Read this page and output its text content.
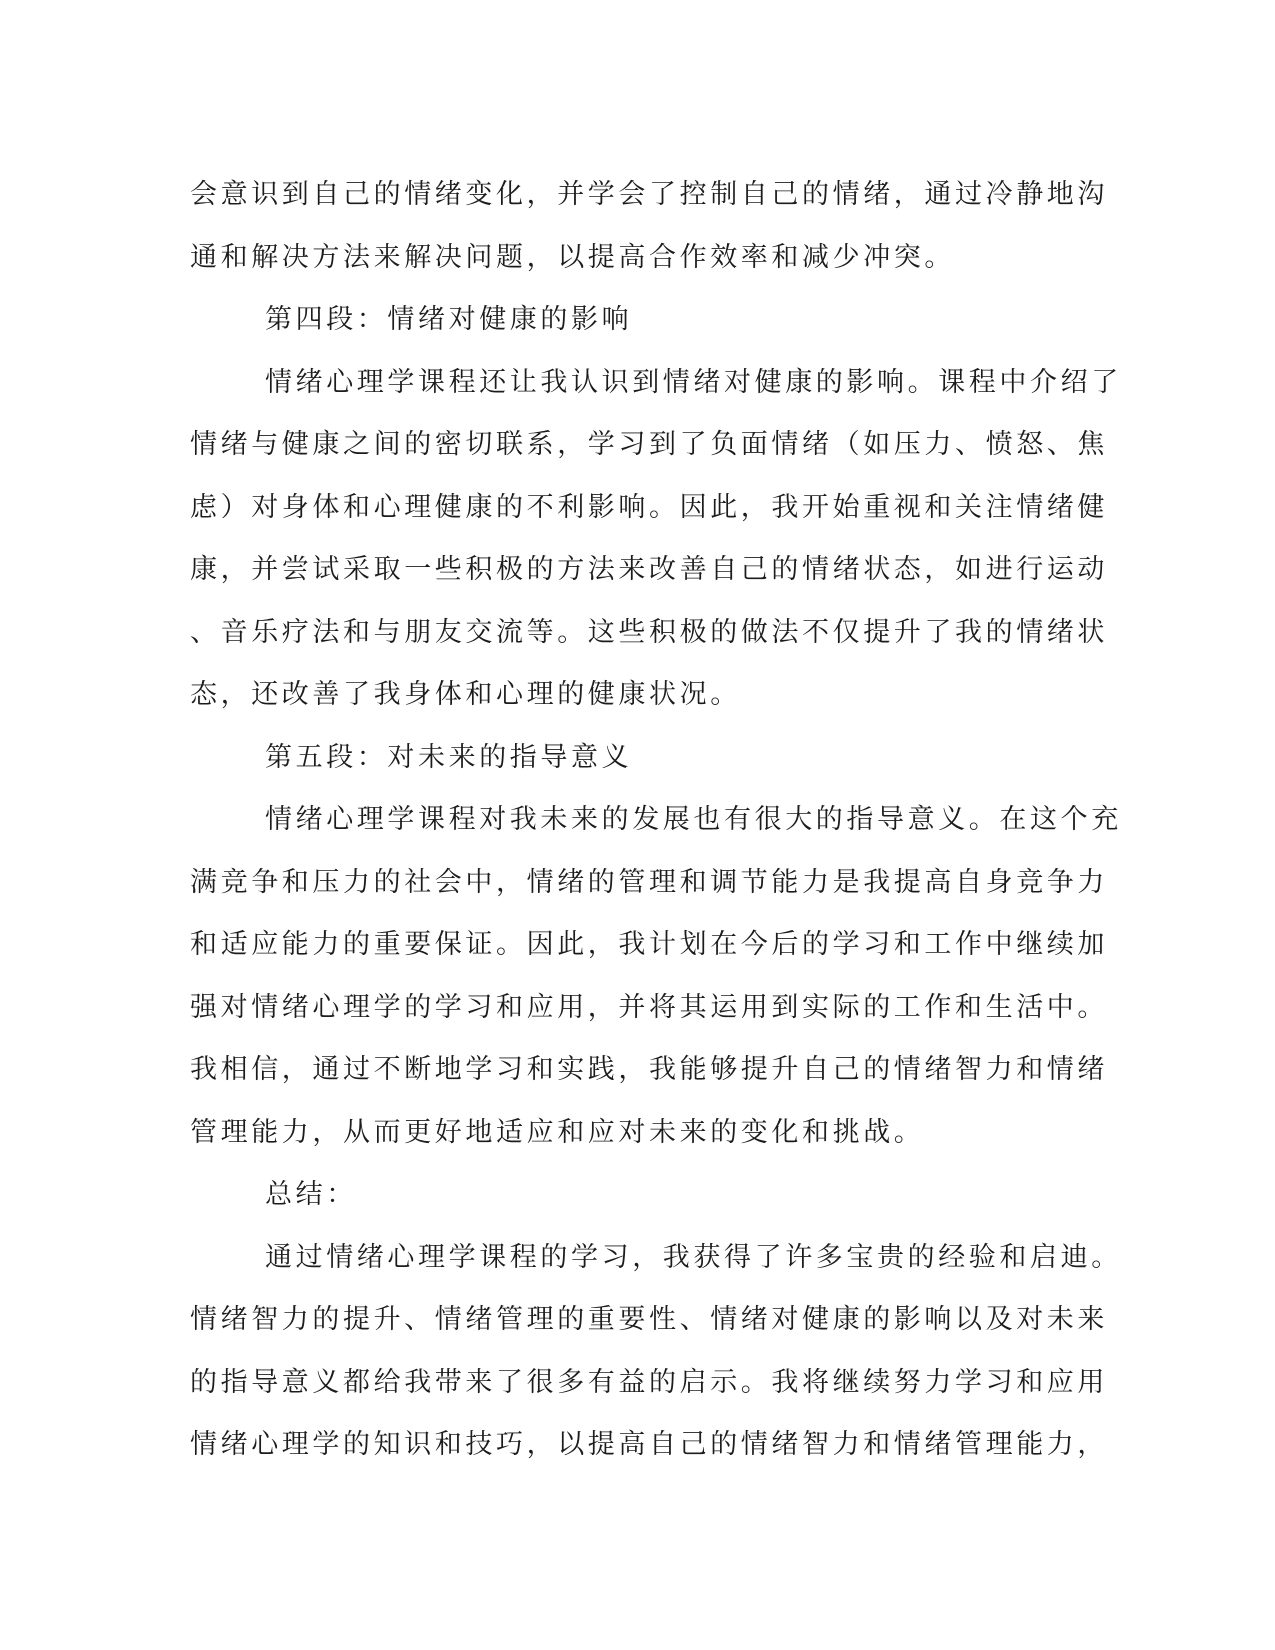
会意识到自己的情绪变化，并学会了控制自己的情绪，通过冷静地沟
通和解决方法来解决问题，以提高合作效率和减少冲突。
第四段：情绪对健康的影响
情绪心理学课程还让我认识到情绪对健康的影响。课程中介绍了
情绪与健康之间的密切联系，学习到了负面情绪（如压力、愤怒、焦
虑）对身体和心理健康的不利影响。因此，我开始重视和关注情绪健
康，并尝试采取一些积极的方法来改善自己的情绪状态，如进行运动
、音乐疗法和与朋友交流等。这些积极的做法不仅提升了我的情绪状
态，还改善了我身体和心理的健康状况。
第五段：对未来的指导意义
情绪心理学课程对我未来的发展也有很大的指导意义。在这个充
满竞争和压力的社会中，情绪的管理和调节能力是我提高自身竞争力
和适应能力的重要保证。因此，我计划在今后的学习和工作中继续加
强对情绪心理学的学习和应用，并将其运用到实际的工作和生活中。
我相信，通过不断地学习和实践，我能够提升自己的情绪智力和情绪
管理能力，从而更好地适应和应对未来的变化和挑战。
总结：
通过情绪心理学课程的学习，我获得了许多宝贵的经验和启迪。
情绪智力的提升、情绪管理的重要性、情绪对健康的影响以及对未来
的指导意义都给我带来了很多有益的启示。我将继续努力学习和应用
情绪心理学的知识和技巧，以提高自己的情绪智力和情绪管理能力，
